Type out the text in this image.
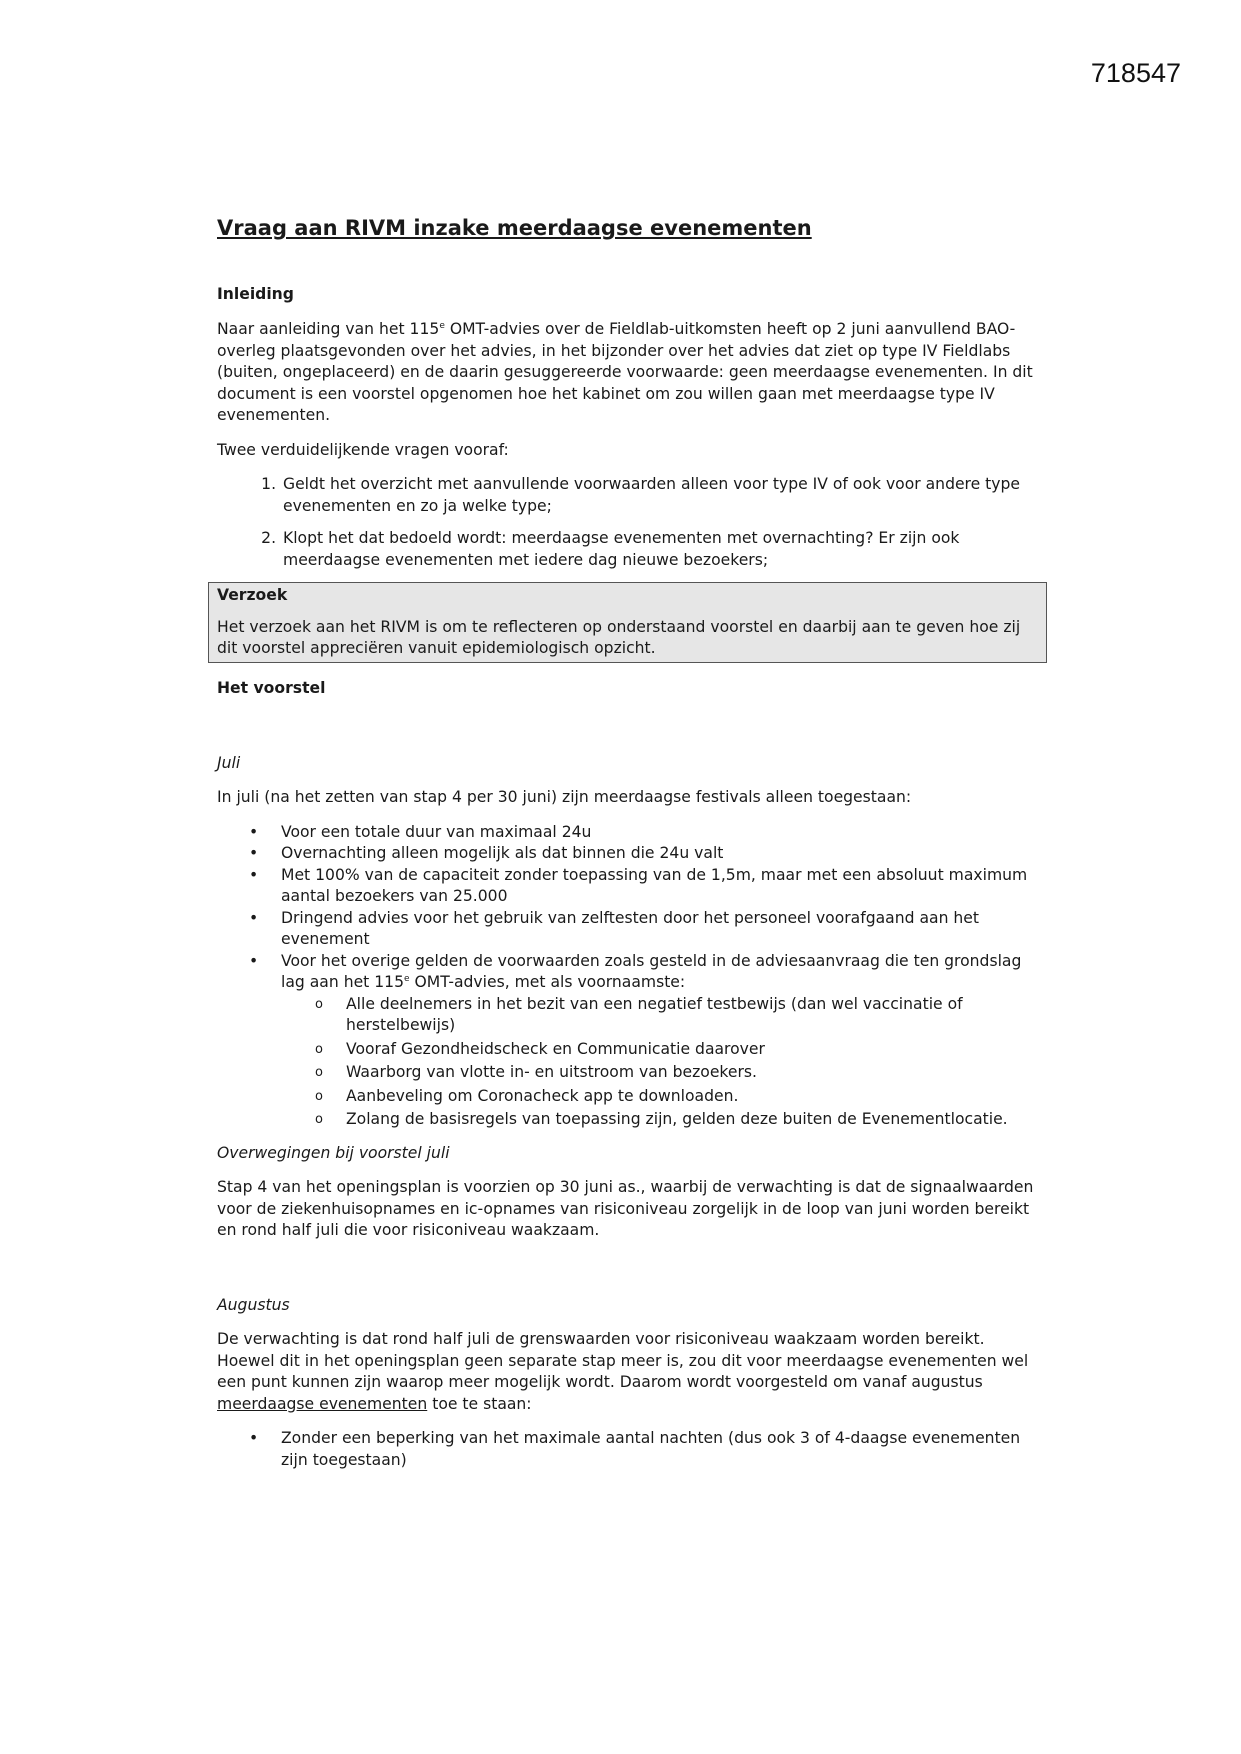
718547
Vraag aan RIVM inzake meerdaagse evenementen
Inleiding

Naar aanleiding van het 115e OMT-advies over de Fieldlab-uitkomsten heeft op 2 juni aanvullend BAO-overleg plaatsgevonden over het advies, in het bijzonder over het advies dat ziet op type IV Fieldlabs (buiten, ongeplaceerd) en de daarin gesuggereerde voorwaarde: geen meerdaagse evenementen. In dit document is een voorstel opgenomen hoe het kabinet om zou willen gaan met meerdaagse type IV evenementen.

Twee verduidelijkende vragen vooraf:

1. Geldt het overzicht met aanvullende voorwaarden alleen voor type IV of ook voor andere type evenementen en zo ja welke type;
2. Klopt het dat bedoeld wordt: meerdaagse evenementen met overnachting? Er zijn ook meerdaagse evenementen met iedere dag nieuwe bezoekers;
Verzoek

Het verzoek aan het RIVM is om te reflecteren op onderstaand voorstel en daarbij aan te geven hoe zij dit voorstel appreciëren vanuit epidemiologisch opzicht.

Het voorstel

Juli

In juli (na het zetten van stap 4 per 30 juni) zijn meerdaagse festivals alleen toegestaan:

• Voor een totale duur van maximaal 24u
• Overnachting alleen mogelijk als dat binnen die 24u valt
• Met 100% van de capaciteit zonder toepassing van de 1,5m, maar met een absoluut maximum aantal bezoekers van 25.000
• Dringend advies voor het gebruik van zelftesten door het personeel voorafgaand aan het evenement
• Voor het overige gelden de voorwaarden zoals gesteld in de adviesaanvraag die ten grondslag lag aan het 115e OMT-advies, met als voornaamste:
o Alle deelnemers in het bezit van een negatief testbewijs (dan wel vaccinatie of herstelbewijs)
o Vooraf Gezondheidscheck en Communicatie daarover
o Waarborg van vlotte in- en uitstroom van bezoekers.
o Aanbeveling om Coronacheck app te downloaden.
o Zolang de basisregels van toepassing zijn, gelden deze buiten de Evenementlocatie.

Overwegingen bij voorstel juli

Stap 4 van het openingsplan is voorzien op 30 juni as., waarbij de verwachting is dat de signaalwaarden voor de ziekenhuisopnames en ic-opnames van risiconiveau zorgelijk in de loop van juni worden bereikt en rond half juli die voor risiconiveau waakzaam.

Augustus

De verwachting is dat rond half juli de grenswaarden voor risiconiveau waakzaam worden bereikt. Hoewel dit in het openingsplan geen separate stap meer is, zou dit voor meerdaagse evenementen wel een punt kunnen zijn waarop meer mogelijk wordt. Daarom wordt voorgesteld om vanaf augustus meerdaagse evenementen toe te staan:

• Zonder een beperking van het maximale aantal nachten (dus ook 3 of 4-daagse evenementen zijn toegestaan)
